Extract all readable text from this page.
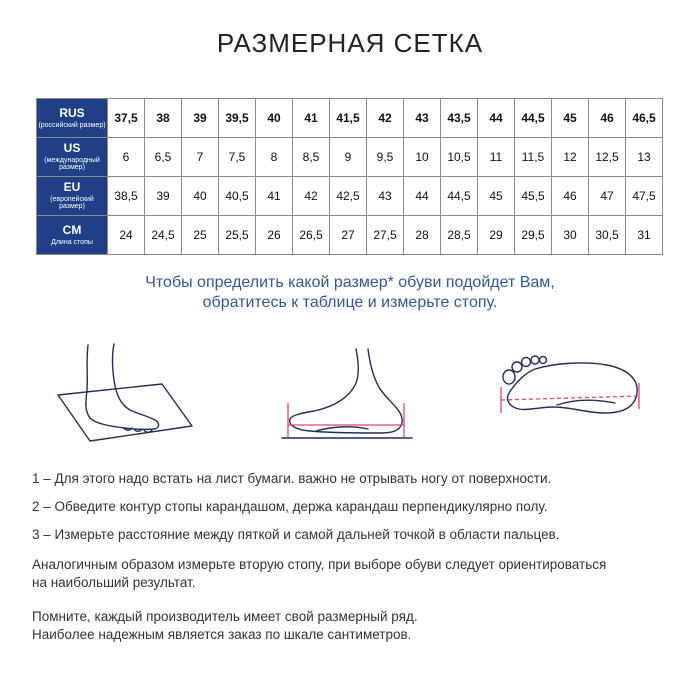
РАЗМЕРНАЯ СЕТКА
RUS
(российский размер)	37,5	38	39	39,5	40	41	41,5	42	43	43,5	44	44,5	45	46	46,5

US
(международный размер)	6	6,5	7	7,5	8	8,5	9	9,5	10	10,5	11	11,5	12	12,5	13

EU
(европейский размер)	38,5	39	40	40,5	41	42	42,5	43	44	44,5	45	45,5	46	47	47,5

CM
Длина стопы	24	24,5	25	25,5	26	26,5	27	27,5	28	28,5	29	29,5	30	30,5	31
Чтобы определить какой размер* обуви подойдет Вам,
обратитесь к таблице и измерьте стопу.
1 – Для этого надо встать на лист бумаги. важно не отрывать ногу от поверхности.
2 – Обведите контур стопы карандашом, держа карандаш перпендикулярно полу.
3 – Измерьте расстояние между пяткой и самой дальней точкой в области пальцев.
Аналогичным образом измерьте вторую стопу, при выборе обуви следует ориентироваться
на наибольший результат.
Помните, каждый производитель имеет свой размерный ряд.
Наиболее надежным является заказ по шкале сантиметров.
